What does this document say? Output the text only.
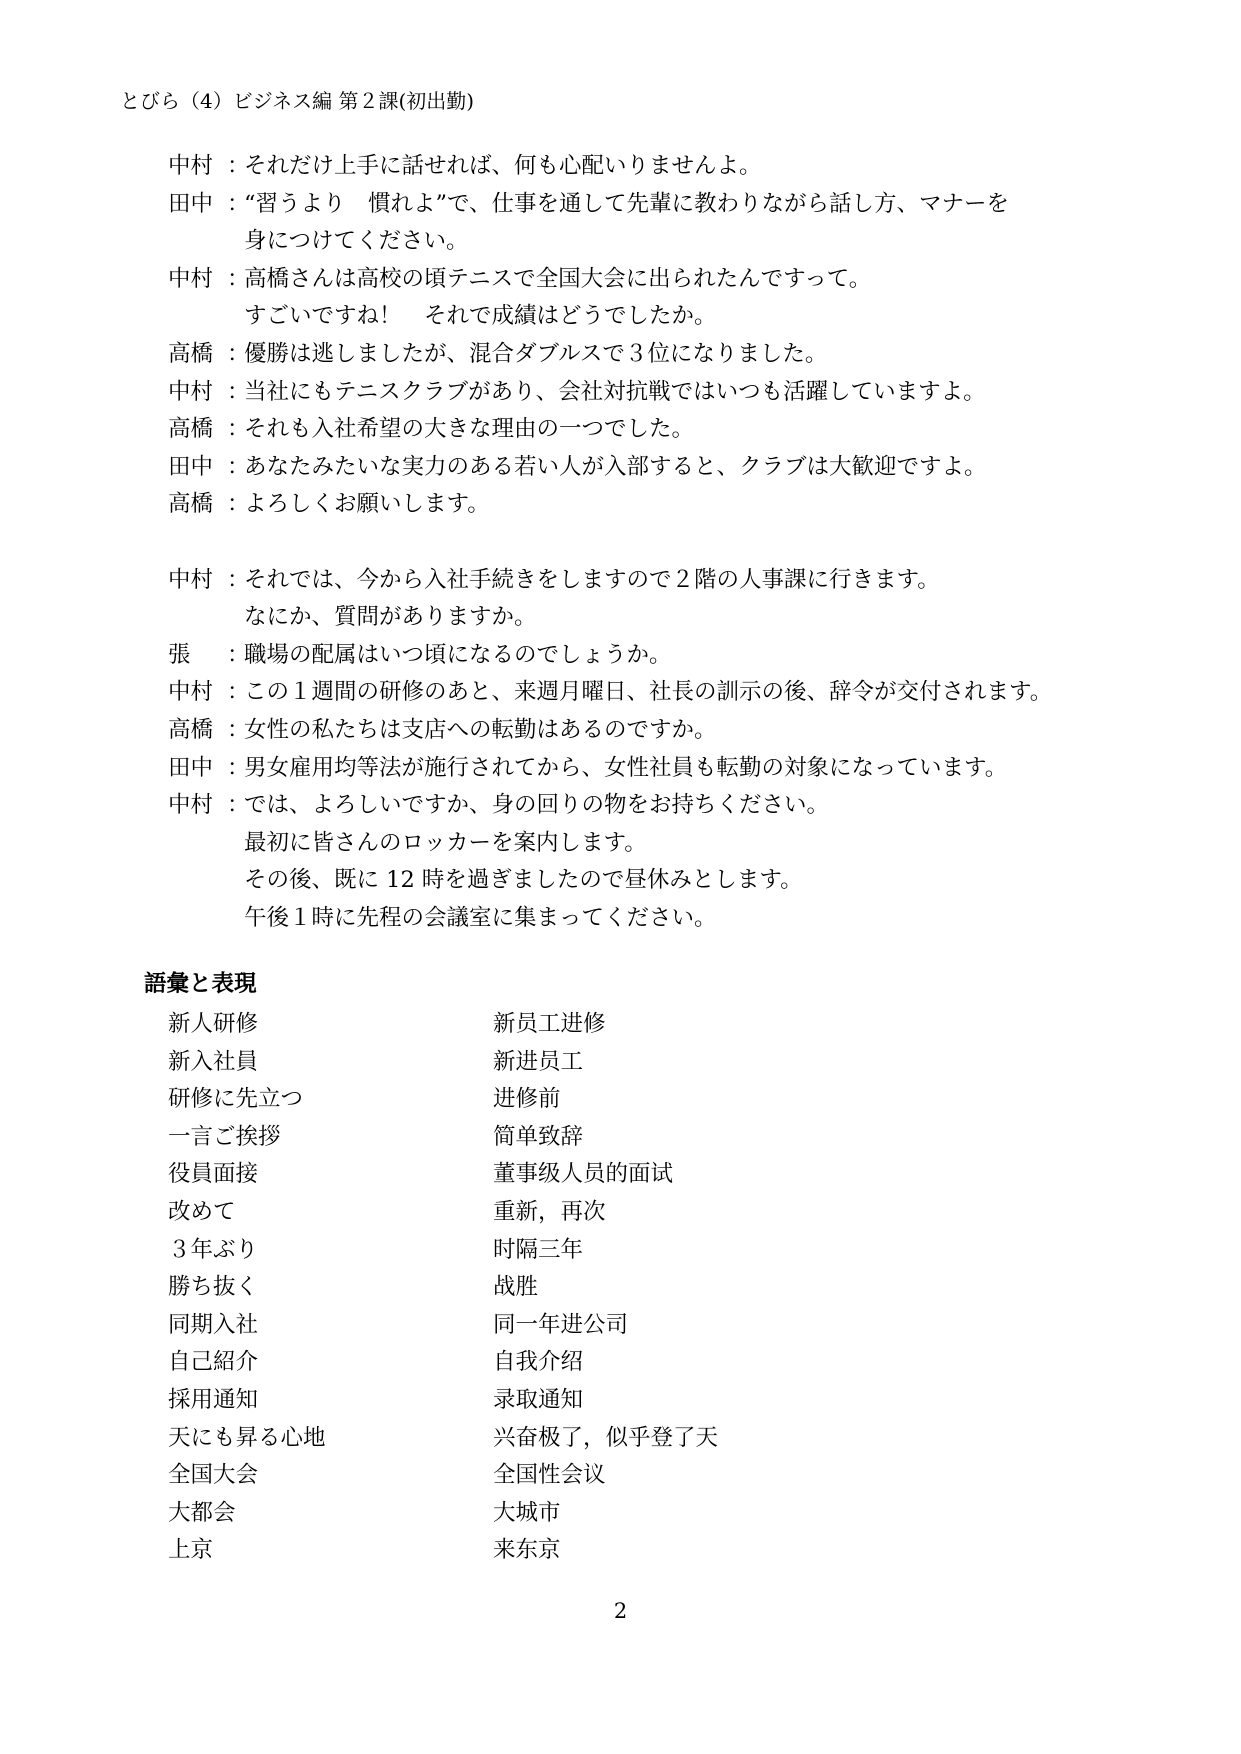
とびら（4）ビジネス編 第２課(初出勤)
中村 ：
それだけ上手に話せれば、何も心配いりませんよ。
田中 ：
“習うより　慣れよ”で、仕事を通して先輩に教わりながら話し方、マナーを
身につけてください。
中村 ：
高橋さんは高校の頃テニスで全国大会に出られたんですって。
すごいですね！　それで成績はどうでしたか。
高橋 ：
優勝は逃しましたが、混合ダブルスで３位になりました。
中村 ：
当社にもテニスクラブがあり、会社対抗戦ではいつも活躍していますよ。
高橋 ：
それも入社希望の大きな理由の一つでした。
田中 ：
あなたみたいな実力のある若い人が入部すると、クラブは大歓迎ですよ。
高橋 ：
よろしくお願いします。
中村 ：
それでは、今から入社手続きをしますので２階の人事課に行きます。
なにか、質問がありますか。
張 ：
職場の配属はいつ頃になるのでしょうか。
中村 ：
この１週間の研修のあと、来週月曜日、社長の訓示の後、辞令が交付されます。
高橋 ：
女性の私たちは支店への転勤はあるのですか。
田中 ：
男女雇用均等法が施行されてから、女性社員も転勤の対象になっています。
中村 ：
では、よろしいですか、身の回りの物をお持ちください。
最初に皆さんのロッカーを案内します。
その後、既に 12 時を過ぎましたので昼休みとします。
午後１時に先程の会議室に集まってください。
語彙と表現
新人研修	新员工进修
新入社員	新进员工
研修に先立つ	进修前
一言ご挨拶	简单致辞
役員面接	董事级人员的面试
改めて	重新，再次
３年ぶり	时隔三年
勝ち抜く	战胜
同期入社	同一年进公司
自己紹介	自我介绍
採用通知	录取通知
天にも昇る心地	兴奋极了，似乎登了天
全国大会	全国性会议
大都会	大城市
上京	来东京
2
